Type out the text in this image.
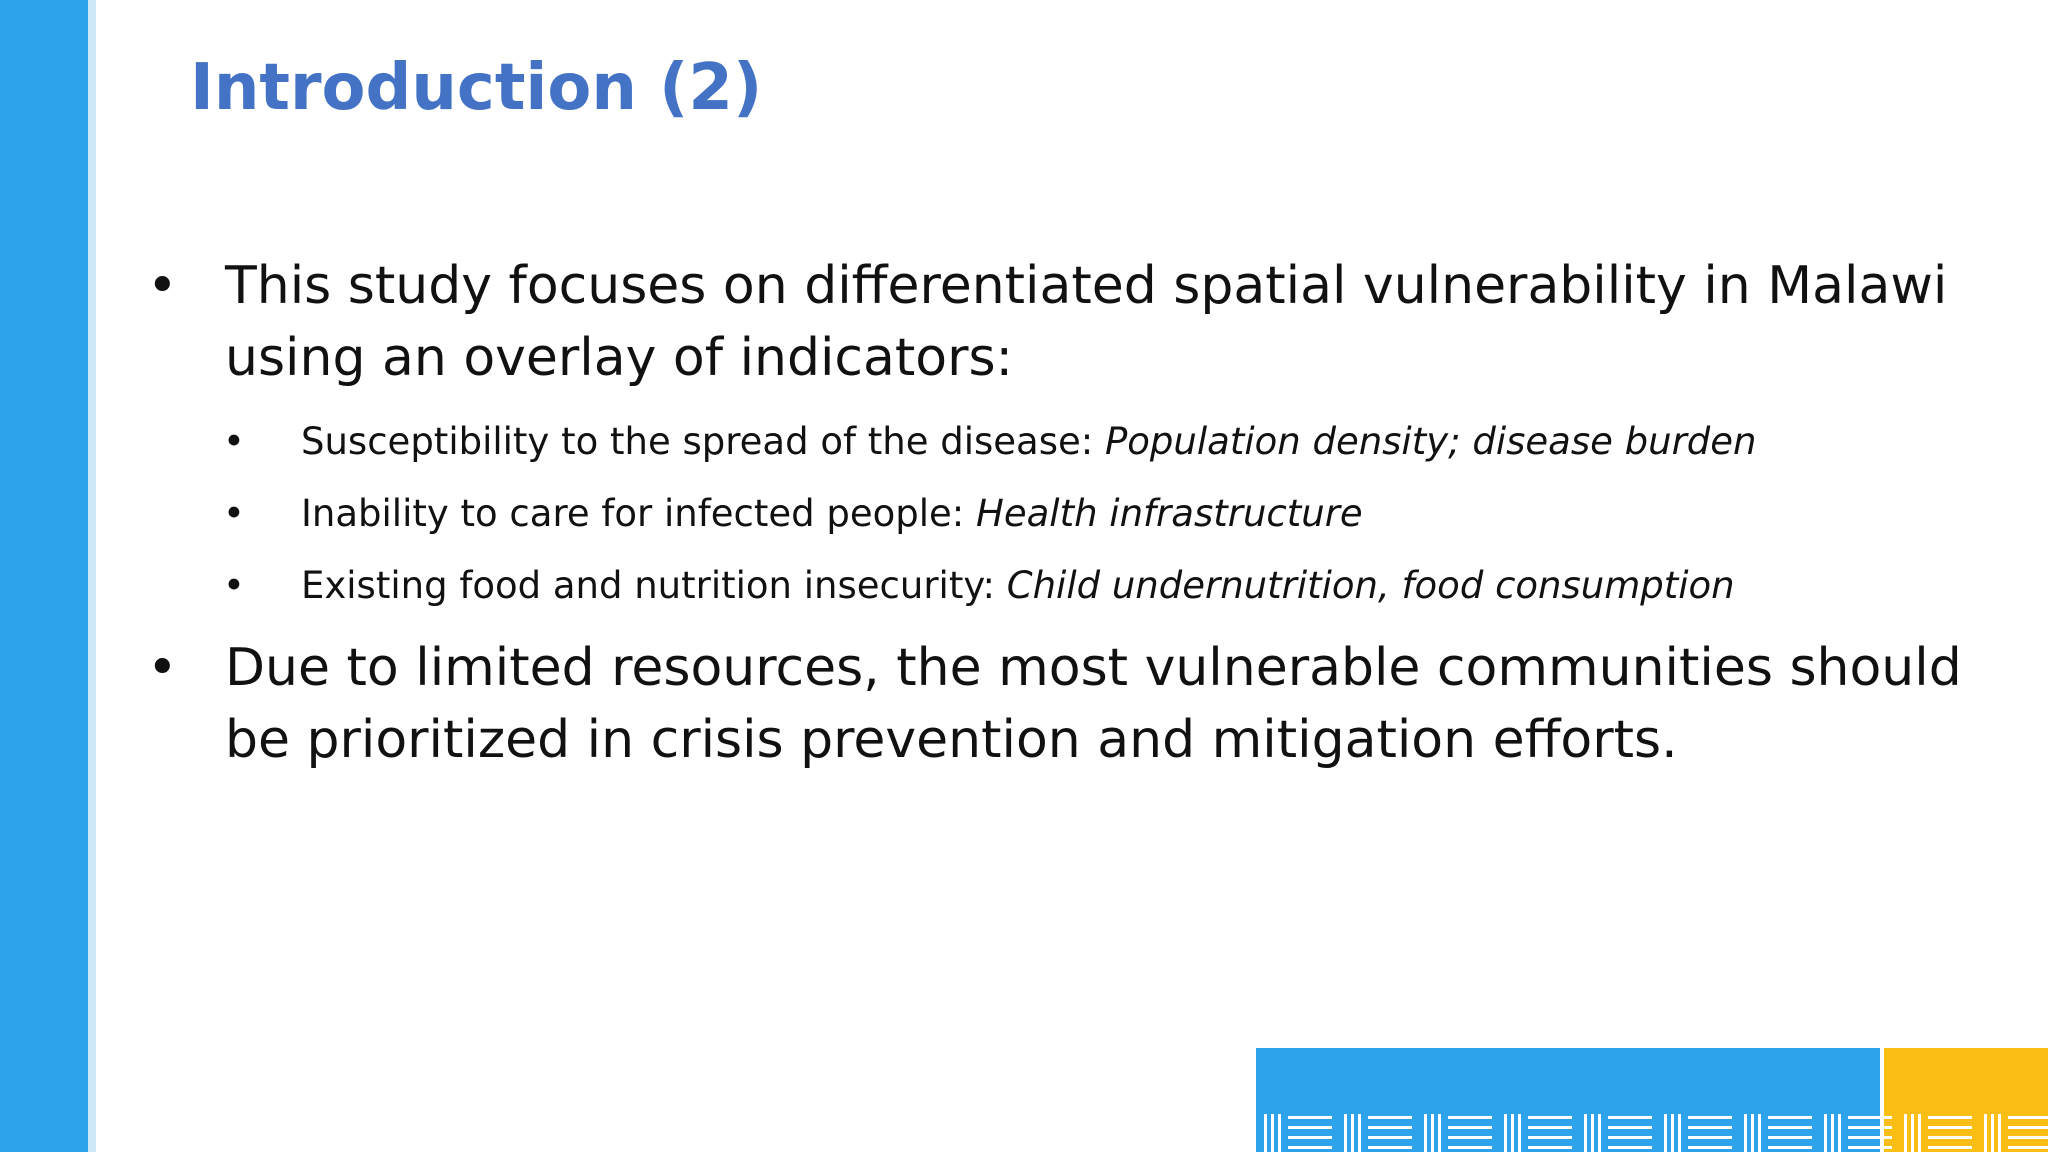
Introduction (2)
• This study focuses on differentiated spatial vulnerability in Malawi using an overlay of indicators:
• Susceptibility to the spread of the disease: Population density; disease burden
• Inability to care for infected people: Health infrastructure
• Existing food and nutrition insecurity: Child undernutrition, food consumption
• Due to limited resources, the most vulnerable communities should be prioritized in crisis prevention and mitigation efforts.
